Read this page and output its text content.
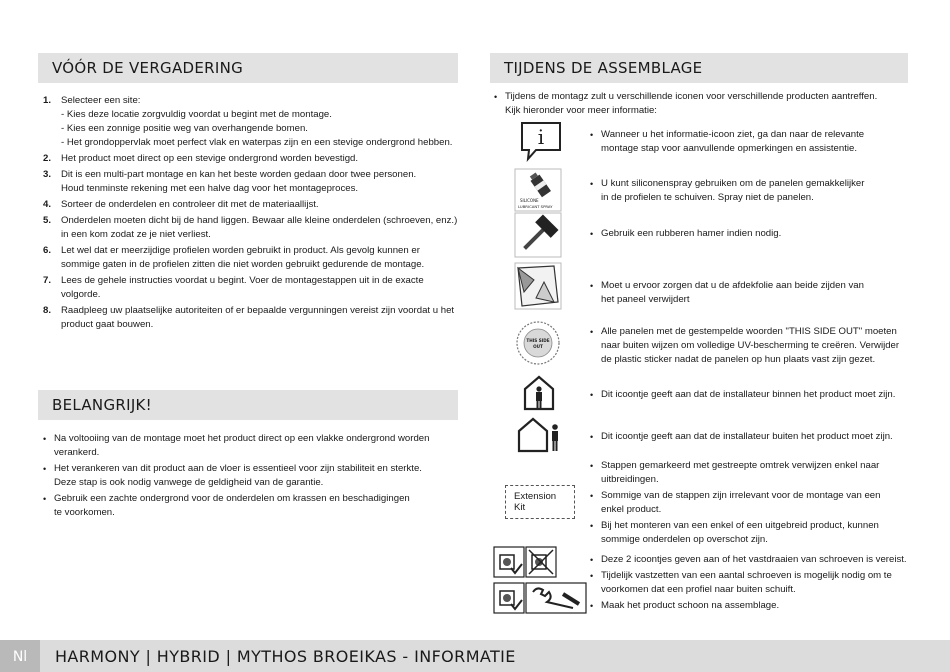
VÓÓR DE VERGADERING	TIJDENS DE ASSEMBLAGE
BELANGRIJK!
1.	Selecteer een site:
- Kies deze locatie zorgvuldig voordat u begint met de montage.
- Kies een zonnige positie weg van overhangende bomen.
- Het grondoppervlak moet perfect vlak en waterpas zijn en een stevige ondergrond hebben.
2.	Het product moet direct op een stevige ondergrond worden bevestigd.
3.	Dit is een multi-part montage en kan het beste worden gedaan door twee personen.
Houd tenminste rekening met een halve dag voor het montageproces.
4.	Sorteer de onderdelen en controleer dit met de materiaallijst.
5.	Onderdelen moeten dicht bij de hand liggen. Bewaar alle kleine onderdelen (schroeven, enz.)
in een kom zodat ze je niet verliest.
6.	Let wel dat er meerzijdige profielen worden gebruikt in product. Als gevolg kunnen er
sommige gaten in de profielen zitten die niet worden gebruikt gedurende de montage.
7.	Lees de gehele instructies voordat u begint. Voer de montagestappen uit in de exacte volgorde.
8.	Raadpleeg uw plaatselijke autoriteiten of er bepaalde vergunningen vereist zijn voordat u het
product gaat bouwen.
• Na voltooiing van de montage moet het product direct op een vlakke ondergrond worden
verankerd.
• Het verankeren van dit product aan de vloer is essentieel voor zijn stabiliteit en sterkte.
Deze stap is ook nodig vanwege de geldigheid van de garantie.
• Gebruik een zachte ondergrond voor de onderdelen om krassen en beschadigingen
te voorkomen.
• Tijdens de montagz zult u verschillende iconen voor verschillende producten aantreffen.
Kijk hieronder voor meer informatie:
i	• Wanneer u het informatie-icoon ziet, ga dan naar de relevante
montage stap voor aanvullende opmerkingen en assistentie.
SILICONE
LUBRICANT SPRAY
• U kunt siliconenspray gebruiken om de panelen gemakkelijker
in de profielen te schuiven. Spray niet de panelen.
• Gebruik een rubberen hamer indien nodig.
• Moet u ervoor zorgen dat u de afdekfolie aan beide zijden van
het paneel verwijdert
THIS SIDE
OUT
• Alle panelen met de gestempelde woorden "THIS SIDE OUT" moeten
naar buiten wijzen om volledige UV-bescherming te creëren. Verwijder
de plastic sticker nadat de panelen op hun plaats vast zijn gezet.
• Dit icoontje geeft aan dat de installateur binnen het product moet zijn.
• Dit icoontje geeft aan dat de installateur buiten het product moet zijn.
Extension Kit
• Stappen gemarkeerd met gestreepte omtrek verwijzen enkel naar
uitbreidingen.
• Sommige van de stappen zijn irrelevant voor de montage van een
enkel product.
• Bij het monteren van een enkel of een uitgebreid product, kunnen
sommige onderdelen op overschot zijn.
• Deze 2 icoontjes geven aan of het vastdraaien van schroeven is vereist.
• Tijdelijk vastzetten van een aantal schroeven is mogelijk nodig om te
voorkomen dat een profiel naar buiten schuift.
• Maak het product schoon na assemblage.
Nl	HARMONY | HYBRID | MYTHOS BROEIKAS - INFORMATIE
